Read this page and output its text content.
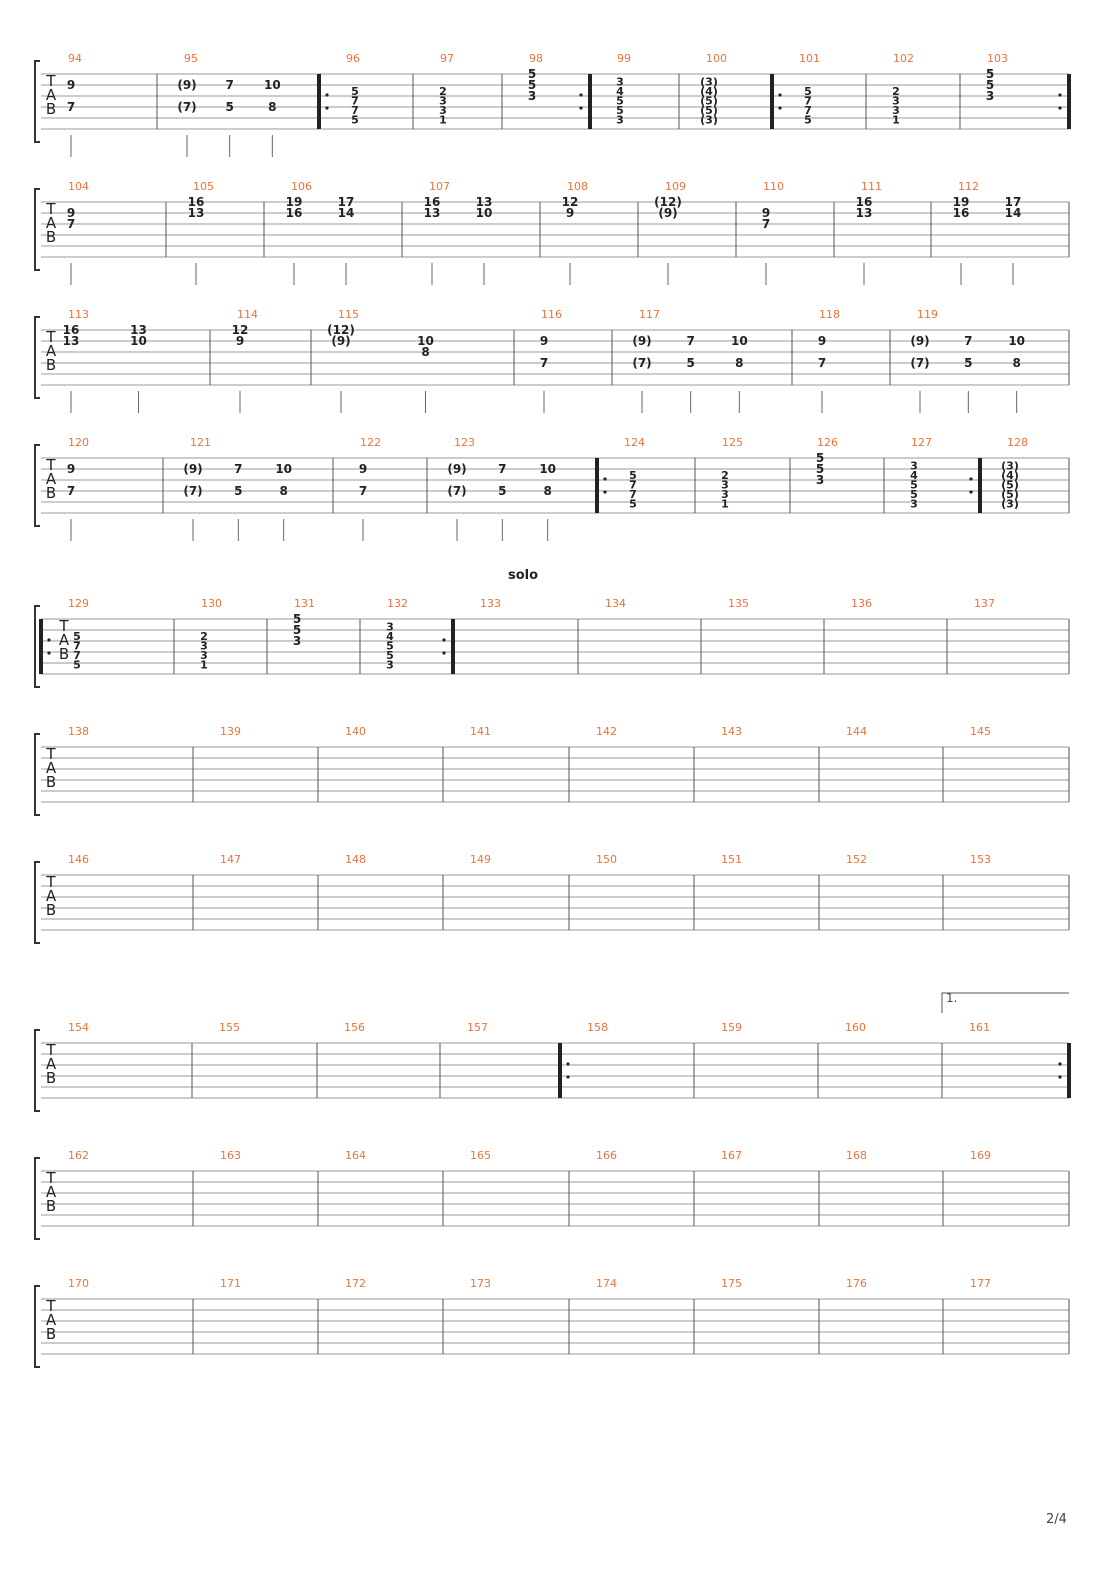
T
A
B
94
9
7
95
(9)
(7)
7
5
10
8
96
5
7
7
5
97
2
3
3
1
98
5
5
3
99
3
4
5
5
3
100
(3)
(4)
(5)
(5)
(3)
101
5
7
7
5
102
2
3
3
1
103
5
5
3
T
A
B
104
9
7
105
16
13
106
19
16
17
14
107
16
13
13
10
108
12
9
109
(12)
(9)
110
9
7
111
16
13
112
19
16
17
14
T
A
B
113
16
13
13
10
114
12
9
115
(12)
(9)	10
8
116
9
7
117
(9)
(7)
7
5
10
8
118
9
7
119
(9)
(7)
7
5
10
8
T
A
B
120
9
7
121
(9)
(7)
7
5
10
8
122
9
7
123
(9)
(7)
7
5
10
8
124
5
7
7
5
125
2
3
3
1
126
5
5
3
127
3
4
5
5
3
128
(3)
(4)
(5)
(5)
(3)
T
A
B
solo
129
5
7
7
5
130
2
3
3
1
131
5
5
3
132
3
4
5
5
3
133	134	135	136	137
T
A
B
138	139	140	141	142	143	144	145
T
A
B
146	147	148	149	150	151	152	153
T
A
B
1.
154	155	156	157	158	159	160	161
T
A
B
162	163	164	165	166	167	168	169
T
A
B
170	171	172	173	174	175	176	177
2/4
